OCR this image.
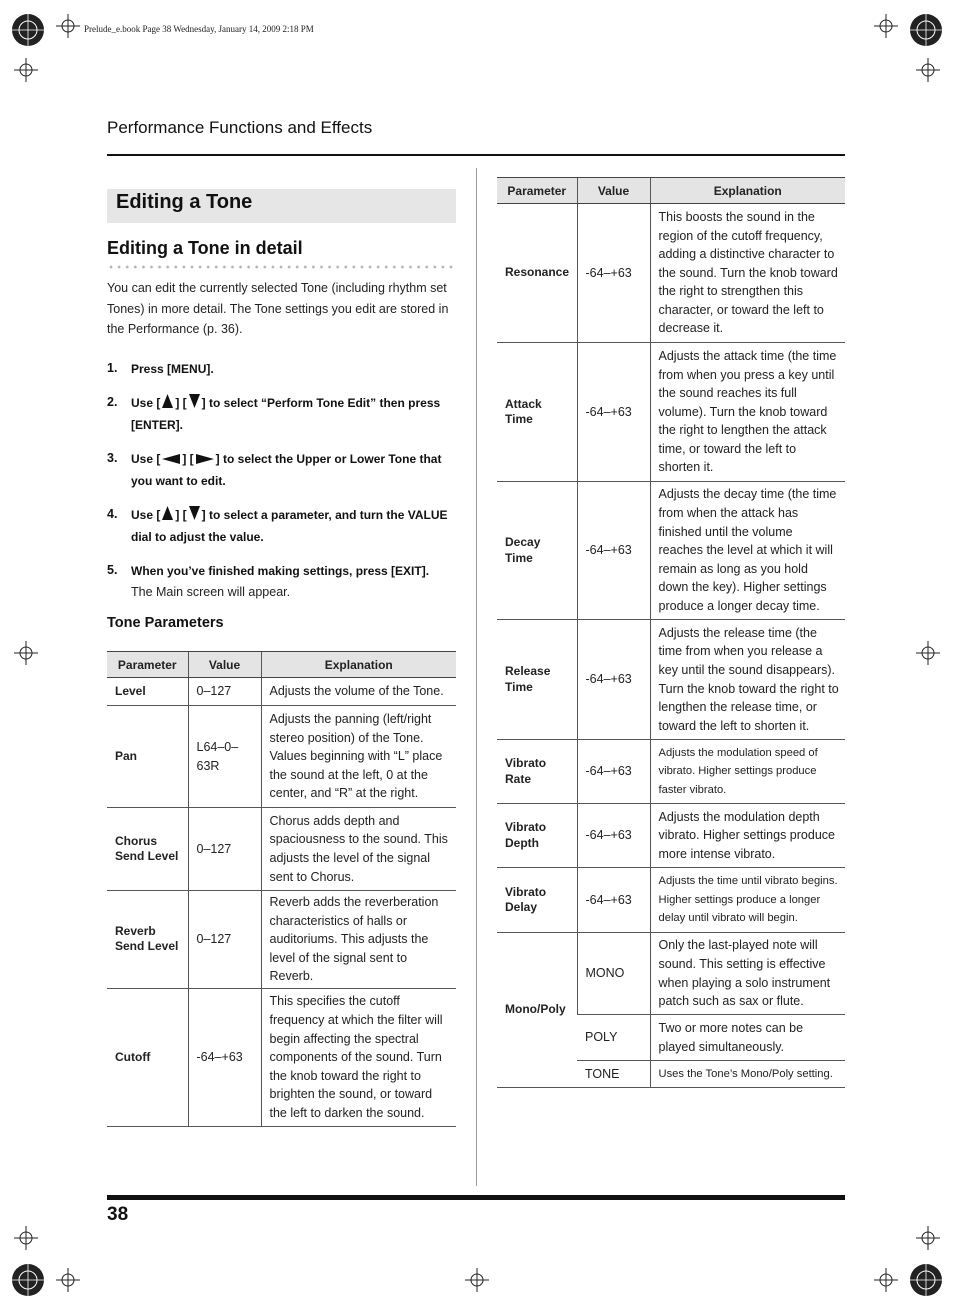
Prelude_e.book Page 38 Wednesday, January 14, 2009 2:18 PM
Performance Functions and Effects
Editing a Tone
Editing a Tone in detail
You can edit the currently selected Tone (including rhythm set Tones) in more detail. The Tone settings you edit are stored in the Performance (p. 36).
1. Press [MENU].
2. Use [ ] [ ] to select “Perform Tone Edit” then press [ENTER].
3. Use [ ] [ ] to select the Upper or Lower Tone that you want to edit.
4. Use [ ] [ ] to select a parameter, and turn the VALUE dial to adjust the value.
5. When you’ve finished making settings, press [EXIT].
The Main screen will appear.
Tone Parameters
Parameter	Value	Explanation
Level	0–127	Adjusts the volume of the Tone.
Pan	L64–0–63R	Adjusts the panning (left/right stereo position) of the Tone. Values beginning with “L” place the sound at the left, 0 at the center, and “R” at the right.
Chorus Send Level	0–127	Chorus adds depth and spaciousness to the sound. This adjusts the level of the signal sent to Chorus.
Reverb Send Level	0–127	Reverb adds the reverberation characteristics of halls or auditoriums. This adjusts the level of the signal sent to Reverb.
Cutoff	-64–+63	This specifies the cutoff frequency at which the filter will begin affecting the spectral components of the sound. Turn the knob toward the right to brighten the sound, or toward the left to darken the sound.
Parameter	Value	Explanation
Resonance	-64–+63	This boosts the sound in the region of the cutoff frequency, adding a distinctive character to the sound. Turn the knob toward the right to strengthen this character, or toward the left to decrease it.
Attack Time	-64–+63	Adjusts the attack time (the time from when you press a key until the sound reaches its full volume). Turn the knob toward the right to lengthen the attack time, or toward the left to shorten it.
Decay Time	-64–+63	Adjusts the decay time (the time from when the attack has finished until the volume reaches the level at which it will remain as long as you hold down the key). Higher settings produce a longer decay time.
Release Time	-64–+63	Adjusts the release time (the time from when you release a key until the sound disappears). Turn the knob toward the right to lengthen the release time, or toward the left to shorten it.
Vibrato Rate	-64–+63	Adjusts the modulation speed of vibrato. Higher settings produce faster vibrato.
Vibrato Depth	-64–+63	Adjusts the modulation depth vibrato. Higher settings produce more intense vibrato.
Vibrato Delay	-64–+63	Adjusts the time until vibrato begins. Higher settings produce a longer delay until vibrato will begin.
Mono/Poly	MONO	Only the last-played note will sound. This setting is effective when playing a solo instrument patch such as sax or flute.
	POLY	Two or more notes can be played simultaneously.
	TONE	Uses the Tone’s Mono/Poly setting.
38
